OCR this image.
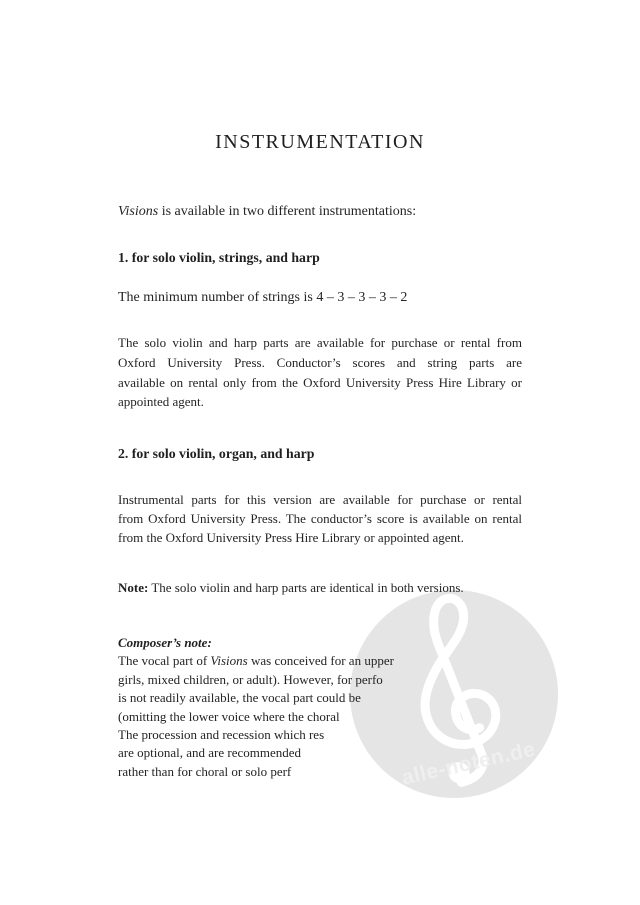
alle-noten.de
INSTRUMENTATION
Visions is available in two different instrumentations:
1. for solo violin, strings, and harp
The minimum number of strings is 4 – 3 – 3 – 3 – 2
The solo violin and harp parts are available for purchase or rental from
Oxford University Press. Conductor’s scores and string parts are
available on rental only from the Oxford University Press Hire Library or
appointed agent.
2. for solo violin, organ, and harp
Instrumental parts for this version are available for purchase or rental
from Oxford University Press. The conductor’s score is available on rental
from the Oxford University Press Hire Library or appointed agent.
Note: The solo violin and harp parts are identical in both versions.
Composer’s note:
The vocal part of Visions was conceived for an upper
girls, mixed children, or adult). However, for perfo
is not readily available, the vocal part could be
(omitting the lower voice where the choral
The procession and recession which res
are optional, and are recommended
rather than for choral or solo perf
